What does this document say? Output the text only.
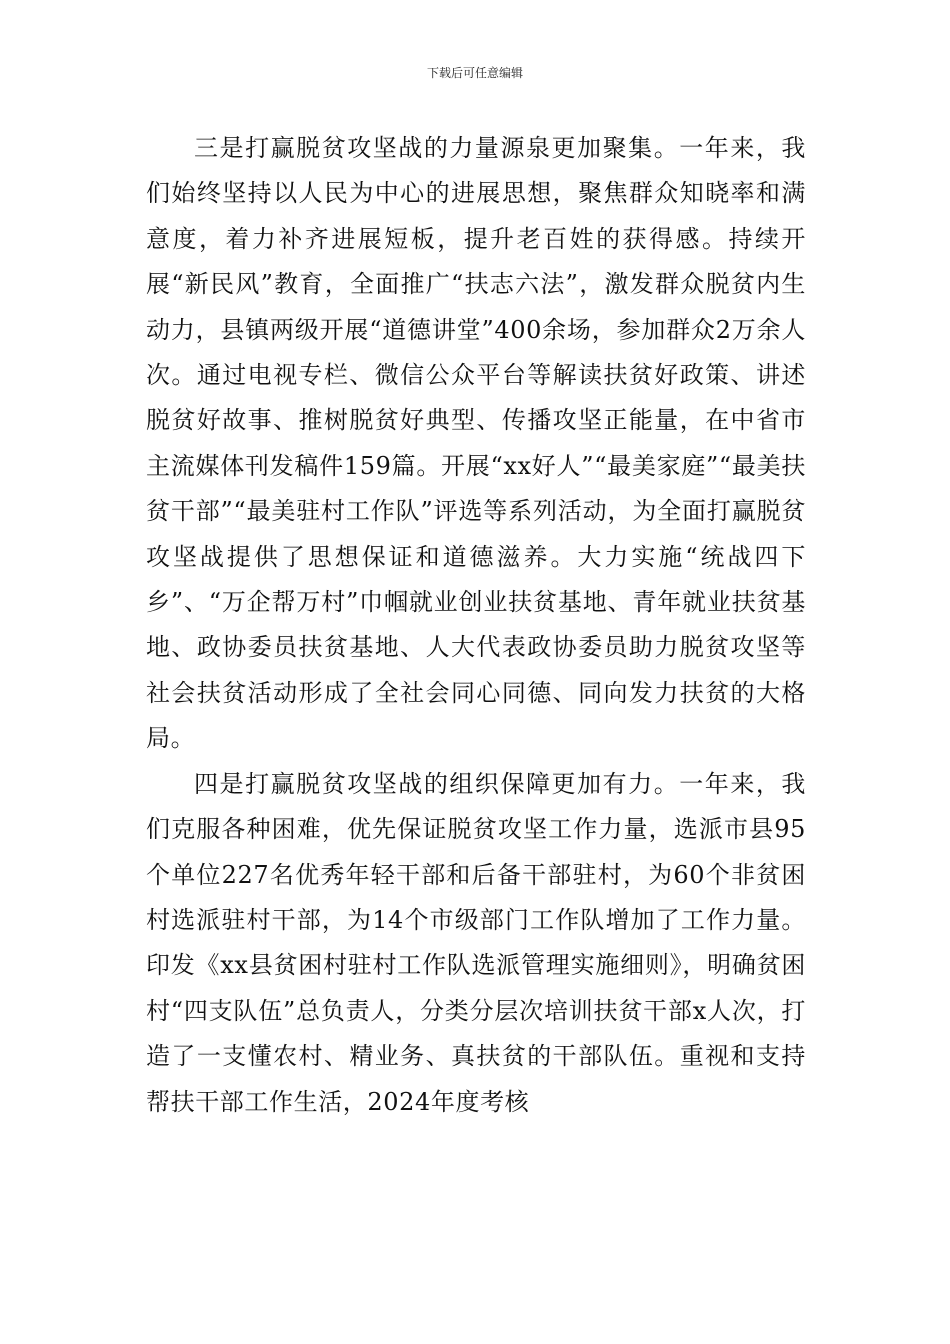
下载后可任意编辑

三是打赢脱贫攻坚战的力量源泉更加聚集。一年来，我们始终坚持以人民为中心的进展思想，聚焦群众知晓率和满意度，着力补齐进展短板，提升老百姓的获得感。持续开展“新民风”教育，全面推广“扶志六法”，激发群众脱贫内生动力，县镇两级开展“道德讲堂”400余场，参加群众2万余人次。通过电视专栏、微信公众平台等解读扶贫好政策、讲述脱贫好故事、推树脱贫好典型、传播攻坚正能量，在中省市主流媒体刊发稿件159篇。开展“xx好人”“最美家庭”“最美扶贫干部”“最美驻村工作队”评选等系列活动，为全面打赢脱贫攻坚战提供了思想保证和道德滋养。大力实施“统战四下乡”、“万企帮万村”巾帼就业创业扶贫基地、青年就业扶贫基地、政协委员扶贫基地、人大代表政协委员助力脱贫攻坚等社会扶贫活动形成了全社会同心同德、同向发力扶贫的大格局。

四是打赢脱贫攻坚战的组织保障更加有力。一年来，我们克服各种困难，优先保证脱贫攻坚工作力量，选派市县95个单位227名优秀年轻干部和后备干部驻村，为60个非贫困村选派驻村干部，为14个市级部门工作队增加了工作力量。印发《xx县贫困村驻村工作队选派管理实施细则》，明确贫困村“四支队伍”总负责人，分类分层次培训扶贫干部x人次，打造了一支懂农村、精业务、真扶贫的干部队伍。重视和支持帮扶干部工作生活，2024年度考核
